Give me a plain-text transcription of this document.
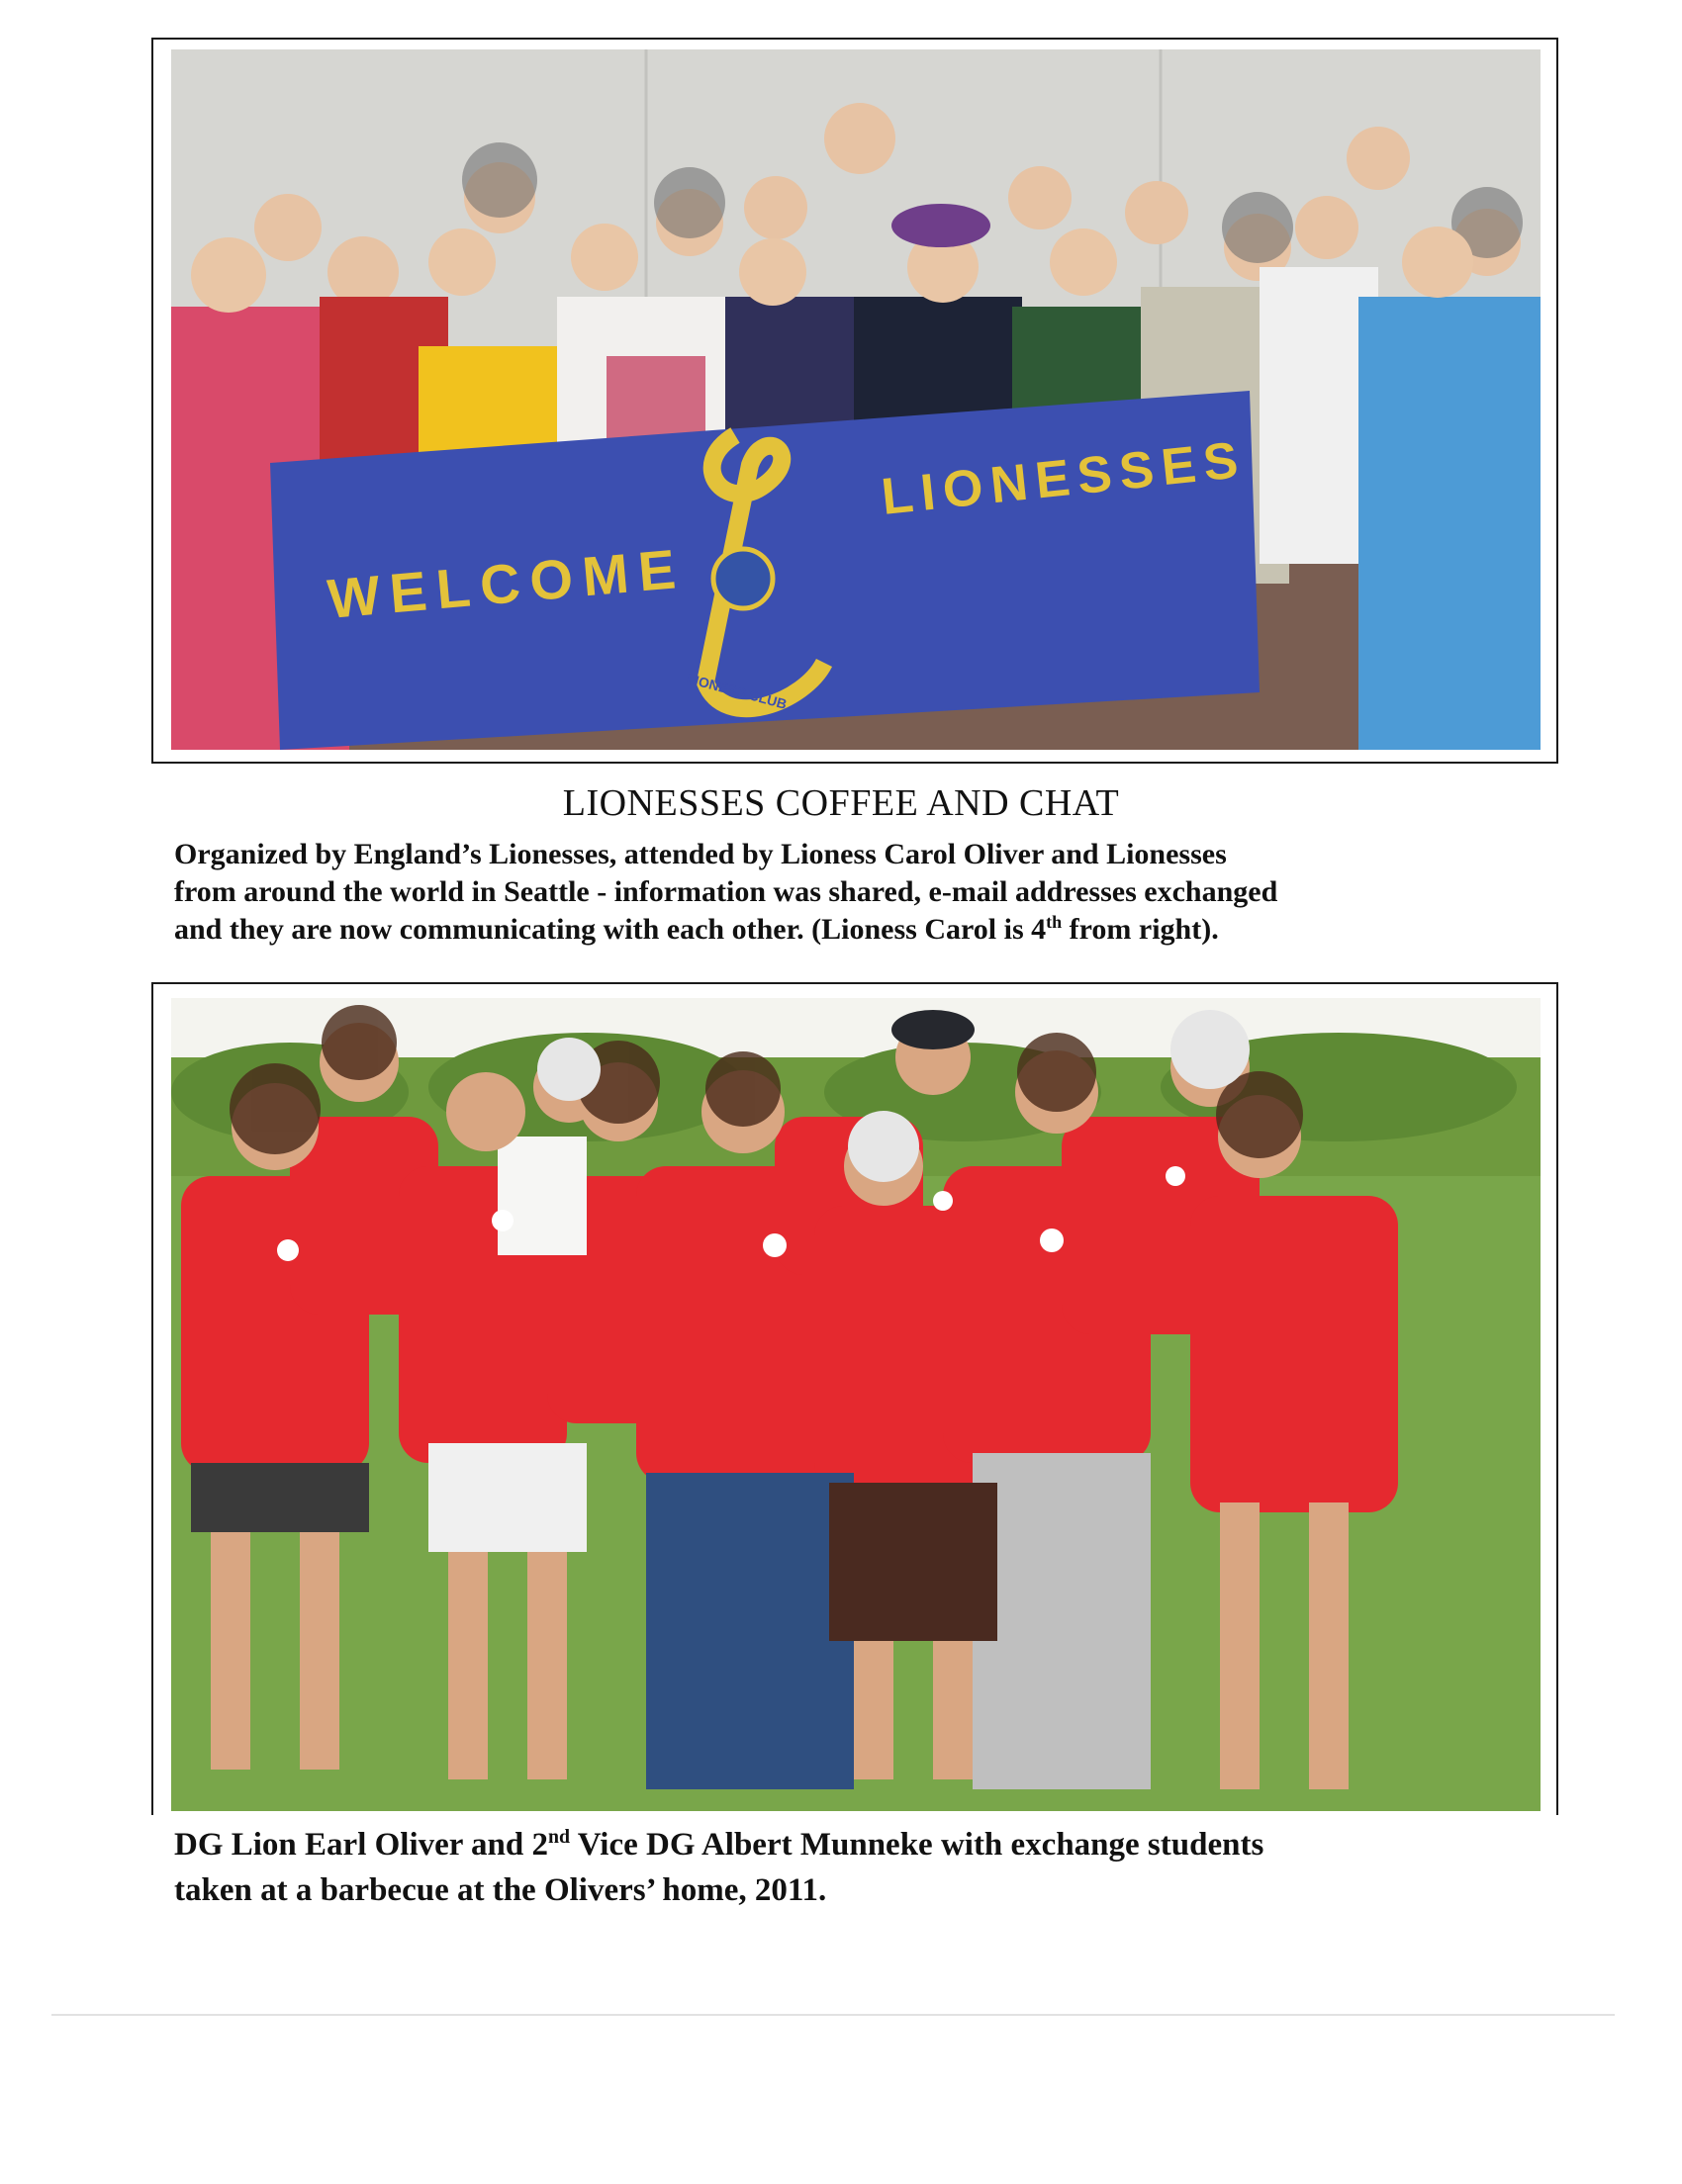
WELCOME
LIONESSES
LIONESS CLUB
LIONESSES COFFEE AND CHAT
Organized by England’s Lionesses, attended by Lioness Carol Oliver and Lionesses
from around the world in Seattle - information was shared, e-mail addresses exchanged
and they are now communicating with each other. (Lioness Carol is 4th from right).
DG Lion Earl Oliver and 2nd Vice DG Albert Munneke with exchange students
taken at a barbecue at the Olivers’ home, 2011.
